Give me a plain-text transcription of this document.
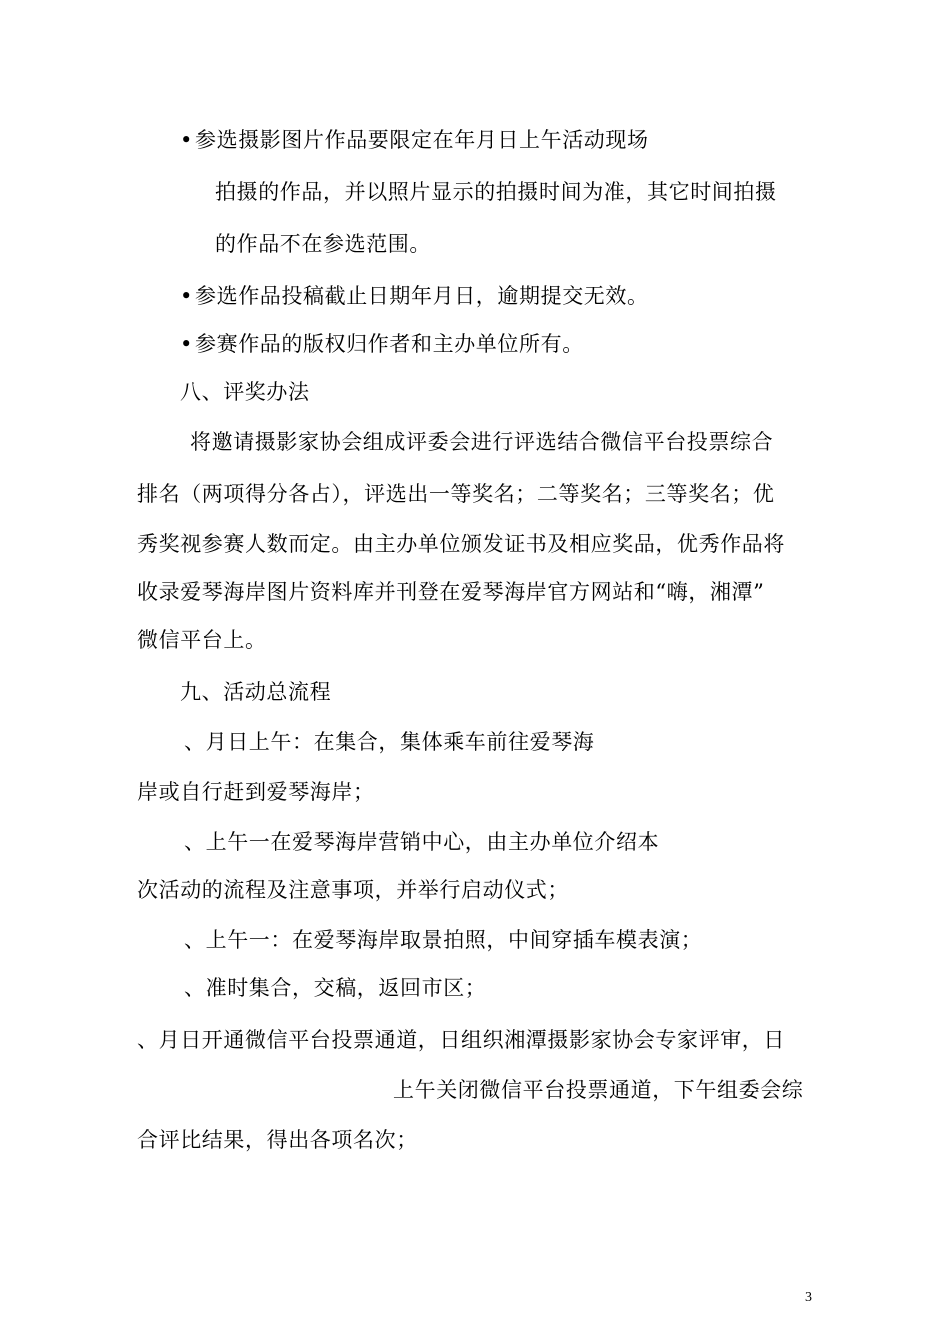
•参选摄影图片作品要限定在年月日上午活动现场
拍摄的作品，并以照片显示的拍摄时间为准，其它时间拍摄
的作品不在参选范围。
•参选作品投稿截止日期年月日，逾期提交无效。
•参赛作品的版权归作者和主办单位所有。
八、评奖办法
将邀请摄影家协会组成评委会进行评选结合微信平台投票综合
排名（两项得分各占），评选出一等奖名；二等奖名；三等奖名；优
秀奖视参赛人数而定。由主办单位颁发证书及相应奖品，优秀作品将
收录爱琴海岸图片资料库并刊登在爱琴海岸官方网站和“嗨，湘潭”
微信平台上。
九、活动总流程
、月日上午：在集合，集体乘车前往爱琴海
岸或自行赶到爱琴海岸；
、上午一在爱琴海岸营销中心，由主办单位介绍本
次活动的流程及注意事项，并举行启动仪式；
、上午一：在爱琴海岸取景拍照，中间穿插车模表演；
、准时集合，交稿，返回市区；
、月日开通微信平台投票通道，日组织湘潭摄影家协会专家评审，日
上午关闭微信平台投票通道，下午组委会综
合评比结果，得出各项名次；
3
